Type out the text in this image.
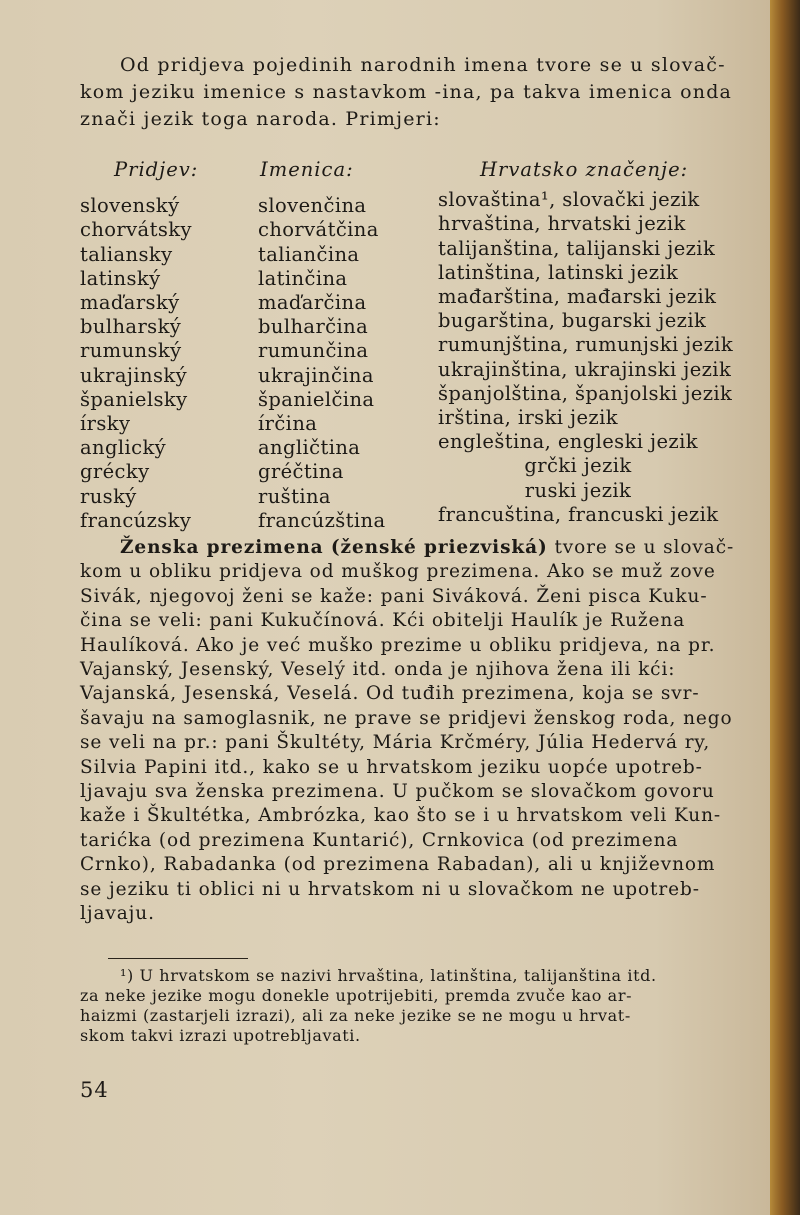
Od pridjeva pojedinih narodnih imena tvore se u slovač-
kom jeziku imenice s nastavkom -ina, pa takva imenica onda
znači jezik toga naroda. Primjeri:
Pridjev:
slovenský
chorvátsky
taliansky
latinský
maďarský
bulharský
rumunský
ukrajinský
španielsky
írsky
anglický
grécky
ruský
francúzsky
Imenica:
slovenčina
chorvátčina
taliančina
latinčina
maďarčina
bulharčina
rumunčina
ukrajinčina
španielčina
írčina
angličtina
gréčtina
ruština
francúzština
Hrvatsko značenje:
slovaština¹, slovački jezik
hrvaština, hrvatski jezik
talijanština, talijanski jezik
latinština, latinski jezik
mađarština, mađarski jezik
bugarština, bugarski jezik
rumunjština, rumunjski jezik
ukrajinština, ukrajinski jezik
španjolština, španjolski jezik
irština, irski jezik
engleština, engleski jezik
grčki jezik
ruski jezik
francuština, francuski jezik
Ženska prezimena (ženské priezviská) tvore se u slovač-
kom u obliku pridjeva od muškog prezimena. Ako se muž zove
Sivák, njegovoj ženi se kaže: pani Siváková. Ženi pisca Kuku-
čina se veli: pani Kukučínová. Kći obitelji Haulík je Ružena
Haulíková. Ako je već muško prezime u obliku pridjeva, na pr.
Vajanský, Jesenský, Veselý itd. onda je njihova žena ili kći:
Vajanská, Jesenská, Veselá. Od tuđih prezimena, koja se svr-
šavaju na samoglasnik, ne prave se pridjevi ženskog roda, nego
se veli na pr.: pani Škultéty, Mária Krčméry, Júlia Hedervá ry,
Silvia Papini itd., kako se u hrvatskom jeziku uopće upotreb-
ljavaju sva ženska prezimena. U pučkom se slovačkom govoru
kaže i Škultétka, Ambrózka, kao što se i u hrvatskom veli Kun-
tarićka (od prezimena Kuntarić), Crnkovica (od prezimena
Crnko), Rabadanka (od prezimena Rabadan), ali u književnom
se jeziku ti oblici ni u hrvatskom ni u slovačkom ne upotreb-
ljavaju.
¹) U hrvatskom se nazivi hrvaština, latinština, talijanština itd.
za neke jezike mogu donekle upotrijebiti, premda zvuče kao ar-
haizmi (zastarjeli izrazi), ali za neke jezike se ne mogu u hrvat-
skom takvi izrazi upotrebljavati.
54
